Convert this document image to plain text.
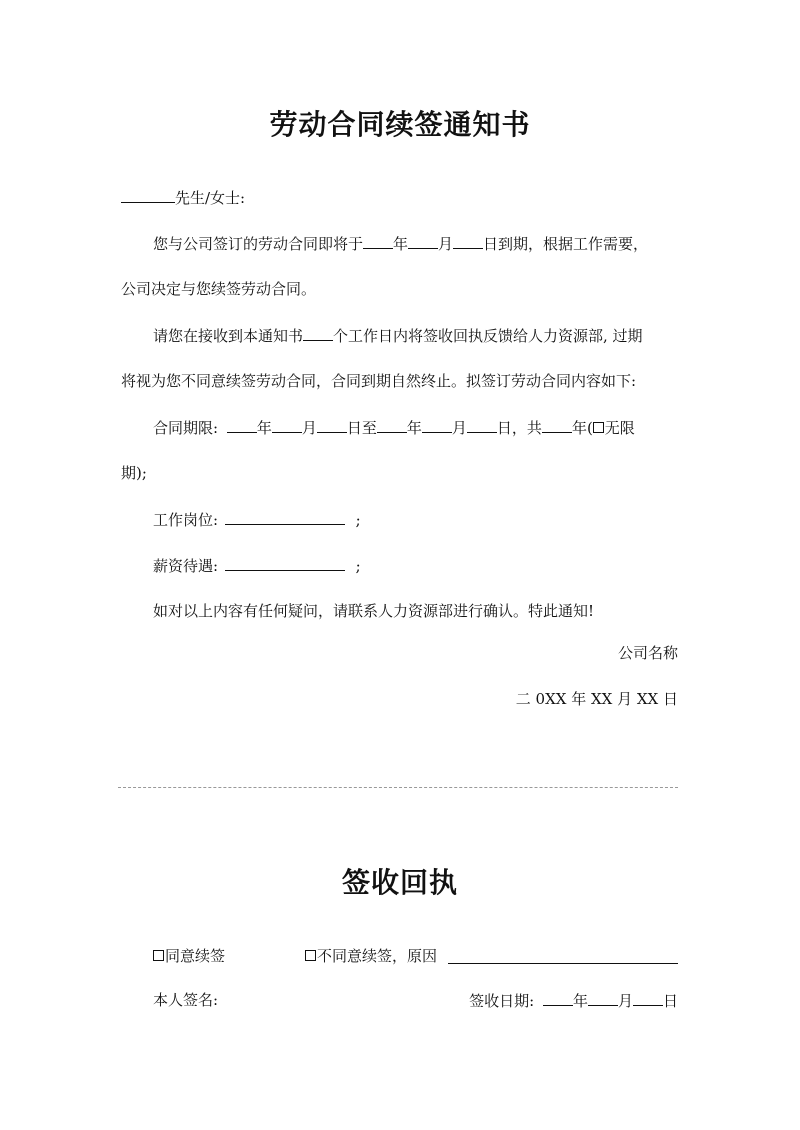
劳动合同续签通知书
先生/女士:
您与公司签订的劳动合同即将于 年 月 日到期，根据工作需要，
公司决定与您续签劳动合同。
请您在接收到本通知书 个工作日内将签收回执反馈给人力资源部, 过期
将视为您不同意续签劳动合同，合同到期自然终止。拟签订劳动合同内容如下:
合同期限:	年 月 日至 年 月 日，共 年( 无限
期);
工作岗位:	;
薪资待遇:	;
如对以上内容有任何疑问，请联系人力资源部进行确认。特此通知!
公司名称
二 0XX 年 XX 月 XX 日
签收回执
同意续签	不同意续签，原因
本人签名:	签收日期:	年 月 日
